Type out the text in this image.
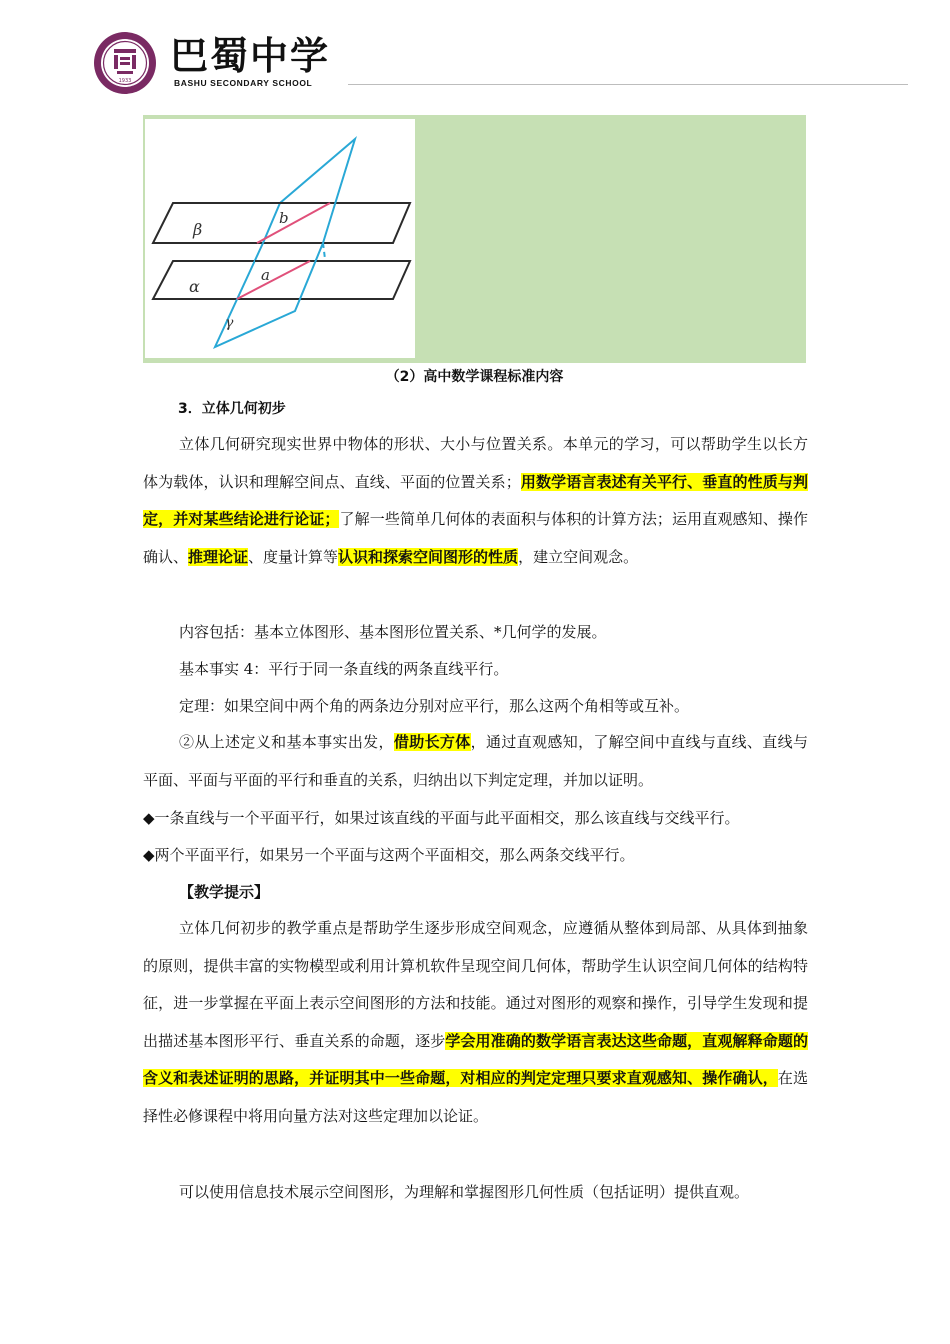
1933
巴蜀中学
BASHU SECONDARY SCHOOL
β
α
γ
b
a
（2）高中数学课程标准内容
3．立体几何初步

立体几何研究现实世界中物体的形状、大小与位置关系。本单元的学习，可以帮助学生以长方体为载体，认识和理解空间点、直线、平面的位置关系；用数学语言表述有关平行、垂直的性质与判定，并对某些结论进行论证；了解一些简单几何体的表面积与体积的计算方法；运用直观感知、操作确认、推理论证、度量计算等认识和探索空间图形的性质，建立空间观念。

内容包括：基本立体图形、基本图形位置关系、*几何学的发展。

基本事实 4：平行于同一条直线的两条直线平行。

定理：如果空间中两个角的两条边分别对应平行，那么这两个角相等或互补。

②从上述定义和基本事实出发，借助长方体，通过直观感知，了解空间中直线与直线、直线与平面、平面与平面的平行和垂直的关系，归纳出以下判定定理，并加以证明。

◆一条直线与一个平面平行，如果过该直线的平面与此平面相交，那么该直线与交线平行。

◆两个平面平行，如果另一个平面与这两个平面相交，那么两条交线平行。

【教学提示】

立体几何初步的教学重点是帮助学生逐步形成空间观念，应遵循从整体到局部、从具体到抽象的原则，提供丰富的实物模型或利用计算机软件呈现空间几何体，帮助学生认识空间几何体的结构特征，进一步掌握在平面上表示空间图形的方法和技能。通过对图形的观察和操作，引导学生发现和提出描述基本图形平行、垂直关系的命题，逐步学会用准确的数学语言表达这些命题，直观解释命题的含义和表述证明的思路，并证明其中一些命题，对相应的判定定理只要求直观感知、操作确认，在选择性必修课程中将用向量方法对这些定理加以论证。

可以使用信息技术展示空间图形，为理解和掌握图形几何性质（包括证明）提供直观。
